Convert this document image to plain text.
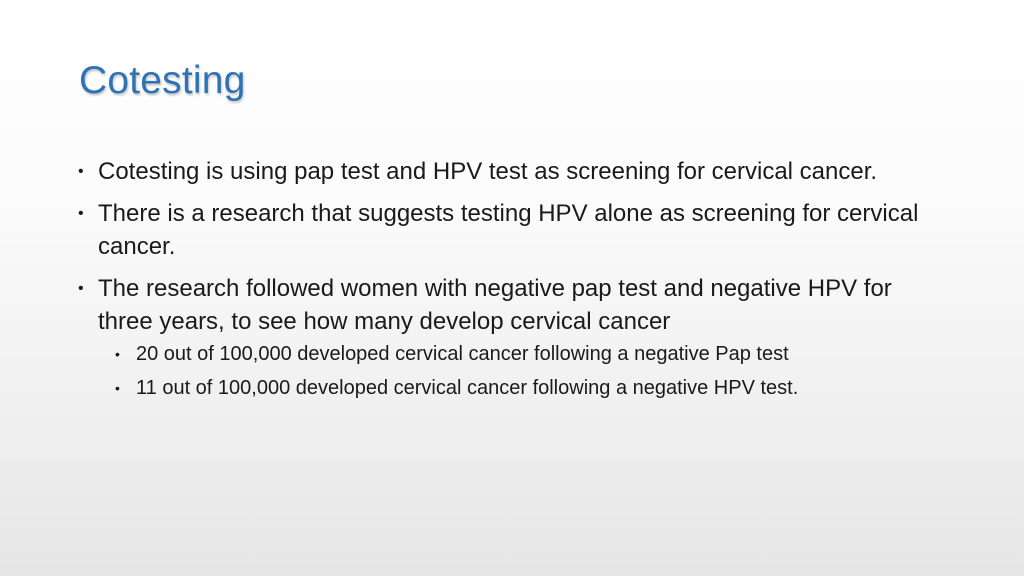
Cotesting
• Cotesting is using pap test and HPV test as screening for cervical cancer.
• There is a research that suggests testing HPV alone as screening for cervical cancer.
• The research followed women with negative pap test and negative HPV for three years, to see how many develop cervical cancer
• 20 out of 100,000 developed cervical cancer following a negative Pap test
• 11 out of 100,000 developed cervical cancer following a negative HPV test.
